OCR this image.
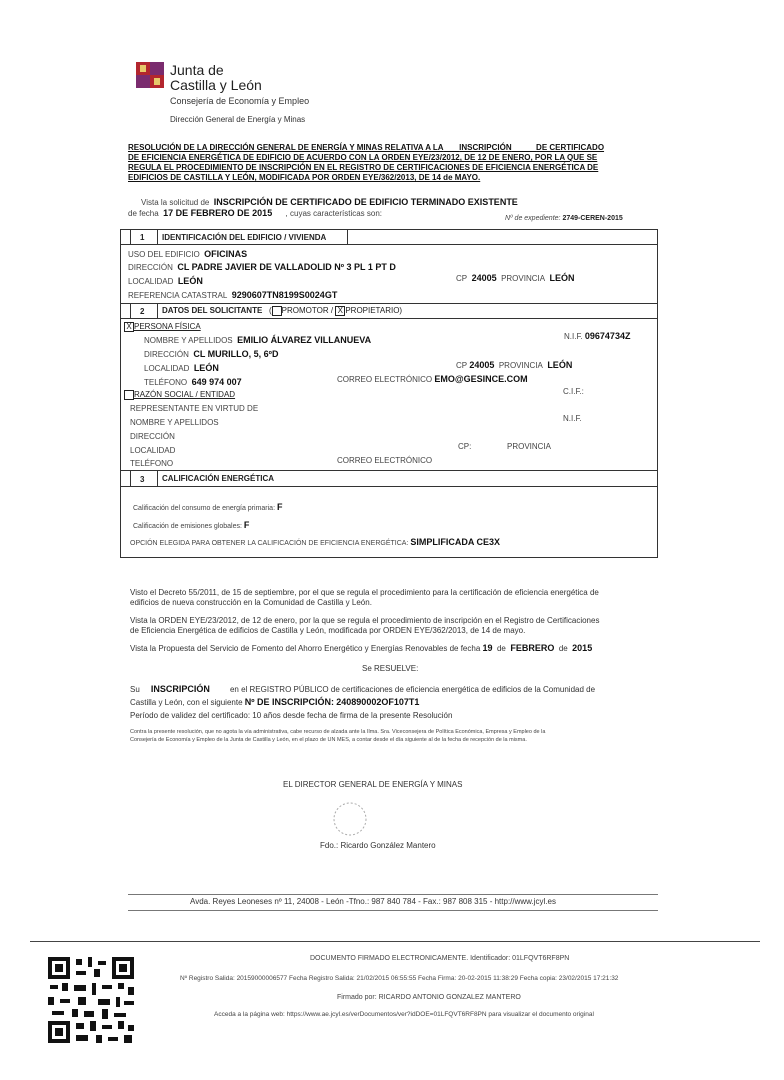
Junta de
Castilla y León
Consejería de Economía y Empleo
Dirección General de Energía y Minas
RESOLUCIÓN DE LA DIRECCIÓN GENERAL DE ENERGÍA Y MINAS RELATIVA A LA INSCRIPCIÓN	DE CERTIFICADO
DE EFICIENCIA ENERGÉTICA DE EDIFICIO DE ACUERDO CON LA ORDEN EYE/23/2012, DE 12 DE ENERO, POR LA QUE SE
REGULA EL PROCEDIMIENTO DE INSCRIPCIÓN EN EL REGISTRO DE CERTIFICACIONES DE EFICIENCIA ENERGÉTICA DE
EDIFICIOS DE CASTILLA Y LEÓN, MODIFICADA POR ORDEN EYE/362/2013, DE 14 de MAYO.
Vista la solicitud de INSCRIPCIÓN DE CERTIFICADO DE EDIFICIO TERMINADO EXISTENTE
de fecha 17 DE FEBRERO DE 2015 , cuyas características son:
Nº de expediente: 2749-CEREN-2015
1 IDENTIFICACIÓN DEL EDIFICIO / VIVIENDA
USO DEL EDIFICIO OFICINAS
DIRECCIÓN CL PADRE JAVIER DE VALLADOLID Nº 3 PL 1 PT D
LOCALIDAD LEÓN	CP 24005 PROVINCIA LEÓN
REFERENCIA CATASTRAL 9290607TN8199S0024GT
2 DATOS DEL SOLICITANTE ( PROMOTOR / X PROPIETARIO)
X PERSONA FÍSICA
NOMBRE Y APELLIDOS EMILIO ÁLVAREZ VILLANUEVA	N.I.F. 09674734Z
DIRECCIÓN CL MURILLO, 5, 6ºD
LOCALIDAD LEÓN	CP 24005 PROVINCIA LEÓN
TELÉFONO 649 974 007	CORREO ELECTRÓNICO EMO@GESINCE.COM
RAZÓN SOCIAL / ENTIDAD	C.I.F.:
REPRESENTANTE EN VIRTUD DE
NOMBRE Y APELLIDOS	N.I.F.
DIRECCIÓN
LOCALIDAD	CP:	PROVINCIA
TELÉFONO	CORREO ELECTRÓNICO
3 CALIFICACIÓN ENERGÉTICA
Calificación del consumo de energía primaria: F
Calificación de emisiones globales: F
OPCIÓN ELEGIDA PARA OBTENER LA CALIFICACIÓN DE EFICIENCIA ENERGÉTICA: SIMPLIFICADA CE3X
Visto el Decreto 55/2011, de 15 de septiembre, por el que se regula el procedimiento para la certificación de eficiencia energética de
edificios de nueva construcción en la Comunidad de Castilla y León.
Vista la ORDEN EYE/23/2012, de 12 de enero, por la que se regula el procedimiento de inscripción en el Registro de Certificaciones
de Eficiencia Energética de edificios de Castilla y León, modificada por ORDEN EYE/362/2013, de 14 de mayo.
Vista la Propuesta del Servicio de Fomento del Ahorro Energético y Energías Renovables de fecha 19 de FEBRERO de 2015
Se RESUELVE:
Su INSCRIPCIÓN	en el REGISTRO PÚBLICO de certificaciones de eficiencia energética de edificios de la Comunidad de
Castilla y León, con el siguiente Nº DE INSCRIPCIÓN: 240890002OF107T1
Período de validez del certificado: 10 años desde fecha de firma de la presente Resolución
Contra la presente resolución, que no agota la vía administrativa, cabe recurso de alzada ante la Ilma. Sra. Viceconsejera de Política Económica, Empresa y Empleo de la
Consejería de Economía y Empleo de la Junta de Castilla y León, en el plazo de UN MES, a contar desde el día siguiente al de la fecha de recepción de la misma.
EL DIRECTOR GENERAL DE ENERGÍA Y MINAS
Fdo.: Ricardo González Mantero
Avda. Reyes Leoneses nº 11, 24008 - León -Tfno.: 987 840 784 - Fax.: 987 808 315 - http://www.jcyl.es
DOCUMENTO FIRMADO ELECTRONICAMENTE. Identificador: 01LFQVT6RF8PN
Nº Registro Salida: 20159000006577 Fecha Registro Salida: 21/02/2015 06:55:55 Fecha Firma: 20-02-2015 11:38:29 Fecha copia: 23/02/2015 17:21:32
Firmado por: RICARDO ANTONIO GONZALEZ MANTERO
Acceda a la página web: https://www.ae.jcyl.es/verDocumentos/ver?idDOE=01LFQVT6RF8PN para visualizar el documento original
